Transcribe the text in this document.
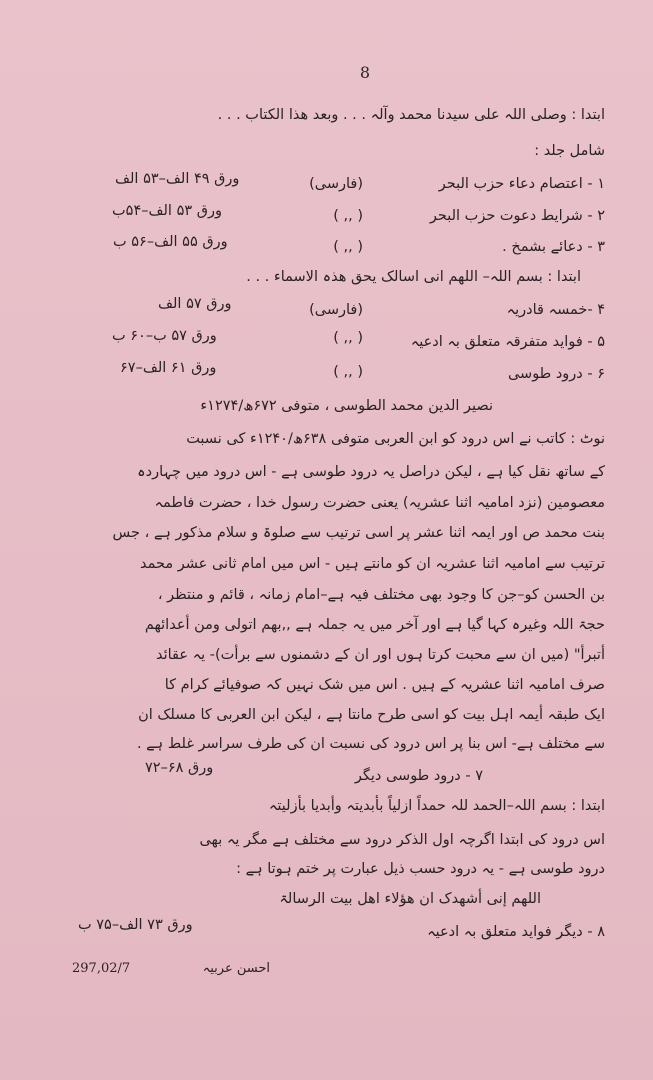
8
ابتدا : وصلی اللہ علی سیدنا محمد وآلہ . . . وبعد ھذا الکتاب . . .
شامل جلد :
۱ - اعتصام دعاء حزب البحر
(فارسی)
ورق ۴۹ الف–۵۳ الف
۲ - شرایط دعوت حزب البحر
( ,, )
ورق ۵۳ الف–۵۴ب
۳ - دعائے بشمخ .
( ,, )
ورق ۵۵ الف–۵۶ ب
ابتدا : بسم اللہ– اللھم انی اسالک یحق ھذہ الاسماء . . .
۴ -خمسہ قادریہ
(فارسی)
ورق ۵۷ الف
۵ - فواید متفرقہ متعلق بہ ادعیہ
( ,, )
ورق ۵۷ ب–۶۰ ب
۶ - درود طوسی
( ,, )
ورق ۶۱ الف–۶۷
نصیر الدین محمد الطوسی ، متوفی ۶۷۲ھ/۱۲۷۴ء
نوٹ : کاتب نے اس درود کو ابن العربی متوفی ۶۳۸ھ/۱۲۴۰ء کی نسبت
کے ساتھ نقل کیا ہے ، لیکن دراصل یہ درود طوسی ہے - اس درود میں چہاردہ
معصومین (نزد امامیہ اثنا عشریہ) یعنی حضرت رسول خدا ، حضرت فاطمہ
بنت محمد ص اور ایمہ اثنا عشر پر اسی ترتیب سے صلوۃ و سلام مذکور ہے ، جس
ترتیب سے امامیہ اثنا عشریہ ان کو مانتے ہیں - اس میں امام ثانی عشر محمد
بن الحسن کو–جن کا وجود بھی مختلف فیہ ہے–امام زمانہ ، قائم و منتظر ،
حجۃ اللہ وغیرہ کہا گیا ہے اور آخر میں یہ جملہ ہے ,,بھم اتولی ومن أعدائھم
أتبرأ" (میں ان سے محبت کرتا ہوں اور ان کے دشمنوں سے برأت)- یہ عقائد
صرف امامیہ اثنا عشریہ کے ہیں . اس میں شک نہیں کہ صوفیائے کرام کا
ایک طبقہ أیمہ اہل بیت کو اسی طرح مانتا ہے ، لیکن ابن العربی کا مسلک ان
سے مختلف ہے- اس بنا پر اس درود کی نسبت ان کی طرف سراسر غلط ہے .
۷ - درود طوسی دیگر
ورق ۶۸–۷۲
ابتدا : بسم اللہ–الحمد للہ حمداً ازلیاً بأبدیتہ وأبدیا بأزلیتہ
اس درود کی ابتدا اگرچہ اول الذکر درود سے مختلف ہے مگر یہ بھی
درود طوسی ہے - یہ درود حسب ذیل عبارت پر ختم ہوتا ہے :
اللھم إنی أشھدک ان ھؤلاء اھل بیت الرسالۃ
۸ - دیگر فواید متعلق بہ ادعیہ
ورق ۷۳ الف–۷۵ ب
297,02/7	احسن عربیہ
